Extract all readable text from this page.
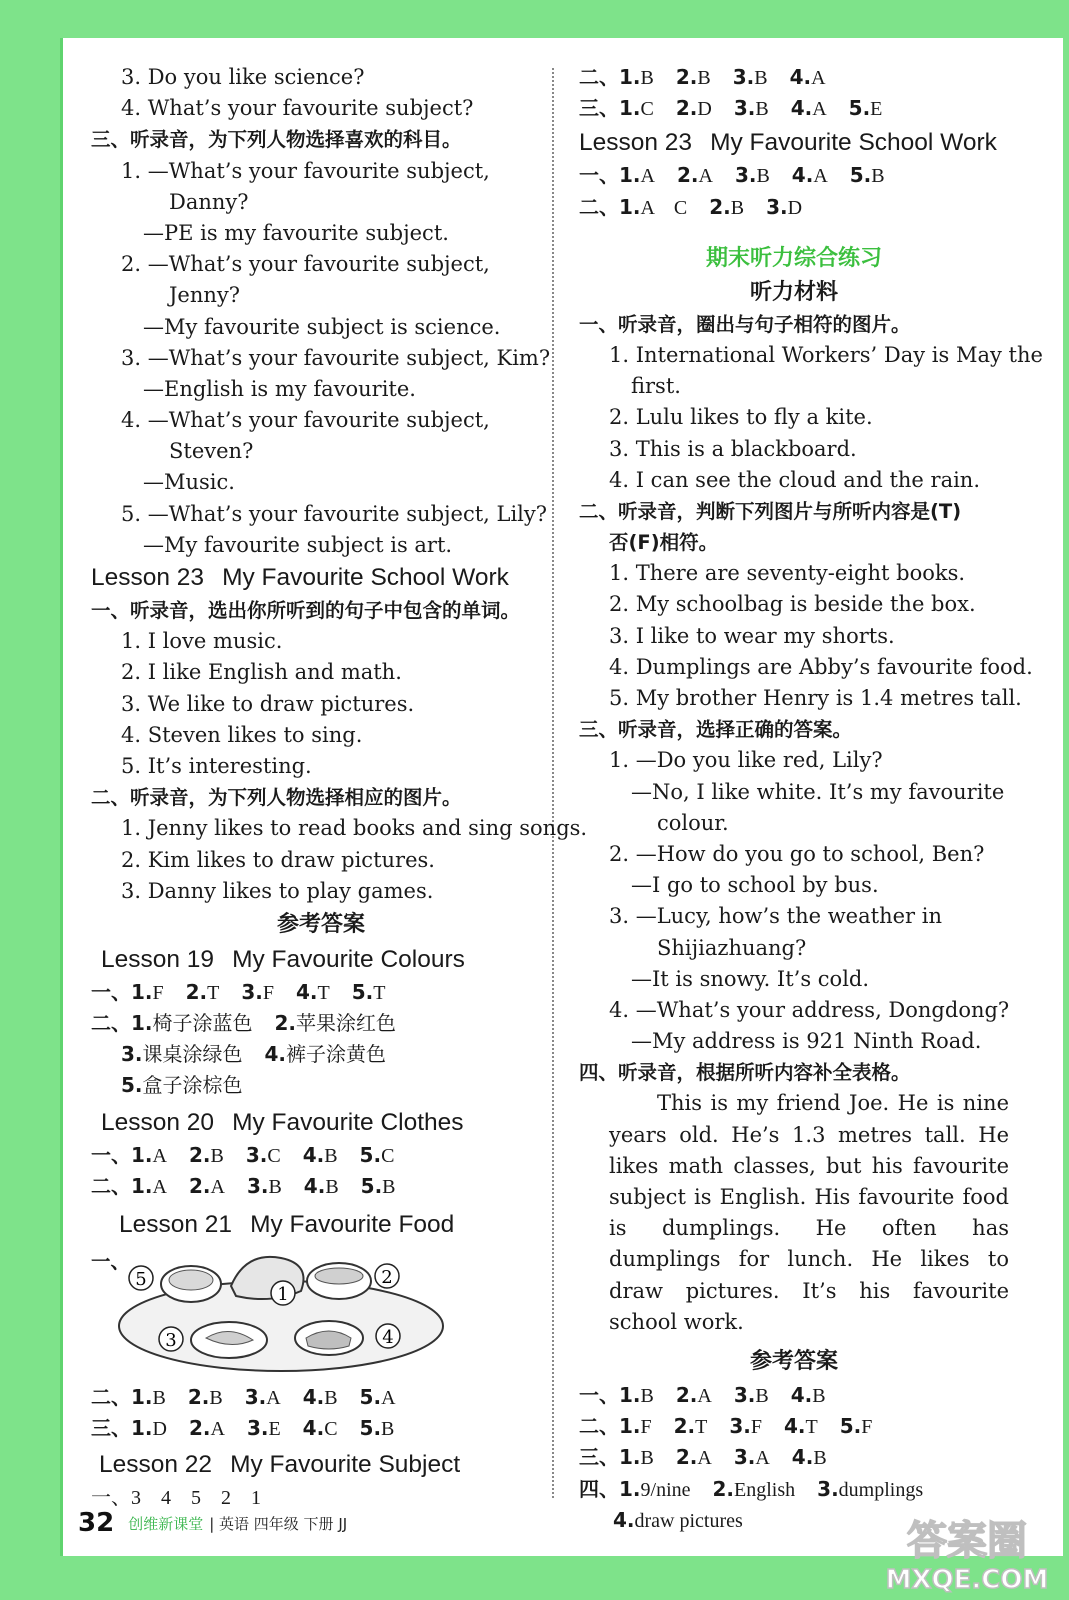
3. Do you like science?
4. What’s your favourite subject?
三、听录音，为下列人物选择喜欢的科目。
1. —What’s your favourite subject,
Danny?
—PE is my favourite subject.
2. —What’s your favourite subject,
Jenny?
—My favourite subject is science.
3. —What’s your favourite subject, Kim?
—English is my favourite.
4. —What’s your favourite subject,
Steven?
—Music.
5. —What’s your favourite subject, Lily?
—My favourite subject is art.
Lesson 23 My Favourite School Work
一、听录音，选出你所听到的句子中包含的单词。
1. I love music.
2. I like English and math.
3. We like to draw pictures.
4. Steven likes to sing.
5. It’s interesting.
二、听录音，为下列人物选择相应的图片。
1. Jenny likes to read books and sing songs.
2. Kim likes to draw pictures.
3. Danny likes to play games.
参考答案
Lesson 19 My Favourite Colours
一、1.F 2.T 3.F 4.T 5.T
二、1.椅子涂蓝色 2.苹果涂红色
3.课桌涂绿色 4.裤子涂黄色
5.盒子涂棕色
Lesson 20 My Favourite Clothes
一、1.A 2.B 3.C 4.B 5.C
二、1.A 2.A 3.B 4.B 5.B
Lesson 21 My Favourite Food
一、
1
2
3	4
5
二、1.B 2.B 3.A 4.B 5.A
三、1.D 2.A 3.E 4.C 5.B
Lesson 22 My Favourite Subject
一、3　4　5　2　1
二、1.B 2.B 3.B 4.A
三、1.C 2.D 3.B 4.A 5.E
Lesson 23 My Favourite School Work
一、1.A 2.A 3.B 4.A 5.B
二、1.A　C 2.B 3.D
期末听力综合练习
听力材料
一、听录音，圈出与句子相符的图片。
1. International Workers’ Day is May the
first.
2. Lulu likes to fly a kite.
3. This is a blackboard.
4. I can see the cloud and the rain.
二、听录音，判断下列图片与所听内容是(T)
否(F)相符。
1. There are seventy-eight books.
2. My schoolbag is beside the box.
3. I like to wear my shorts.
4. Dumplings are Abby’s favourite food.
5. My brother Henry is 1.4 metres tall.
三、听录音，选择正确的答案。
1. —Do you like red, Lily?
—No, I like white. It’s my favourite
colour.
2. —How do you go to school, Ben?
—I go to school by bus.
3. —Lucy, how’s the weather in
Shijiazhuang?
—It is snowy. It’s cold.
4. —What’s your address, Dongdong?
—My address is 921 Ninth Road.
四、听录音，根据所听内容补全表格。
This is my friend Joe. He is nine years old. He’s 1.3 metres tall. He likes math classes, but his favourite subject is English. His favourite food is dumplings. He often has dumplings for lunch. He likes to draw pictures. It’s his favourite school work.
参考答案
一、1.B 2.A 3.B 4.B
二、1.F 2.T 3.F 4.T 5.F
三、1.B 2.A 3.A 4.B
四、1.9/nine 2.English 3.dumplings
4.draw pictures
32 创维新课堂 | 英语 四年级 下册 JJ	答案圈
MXQE.COM
